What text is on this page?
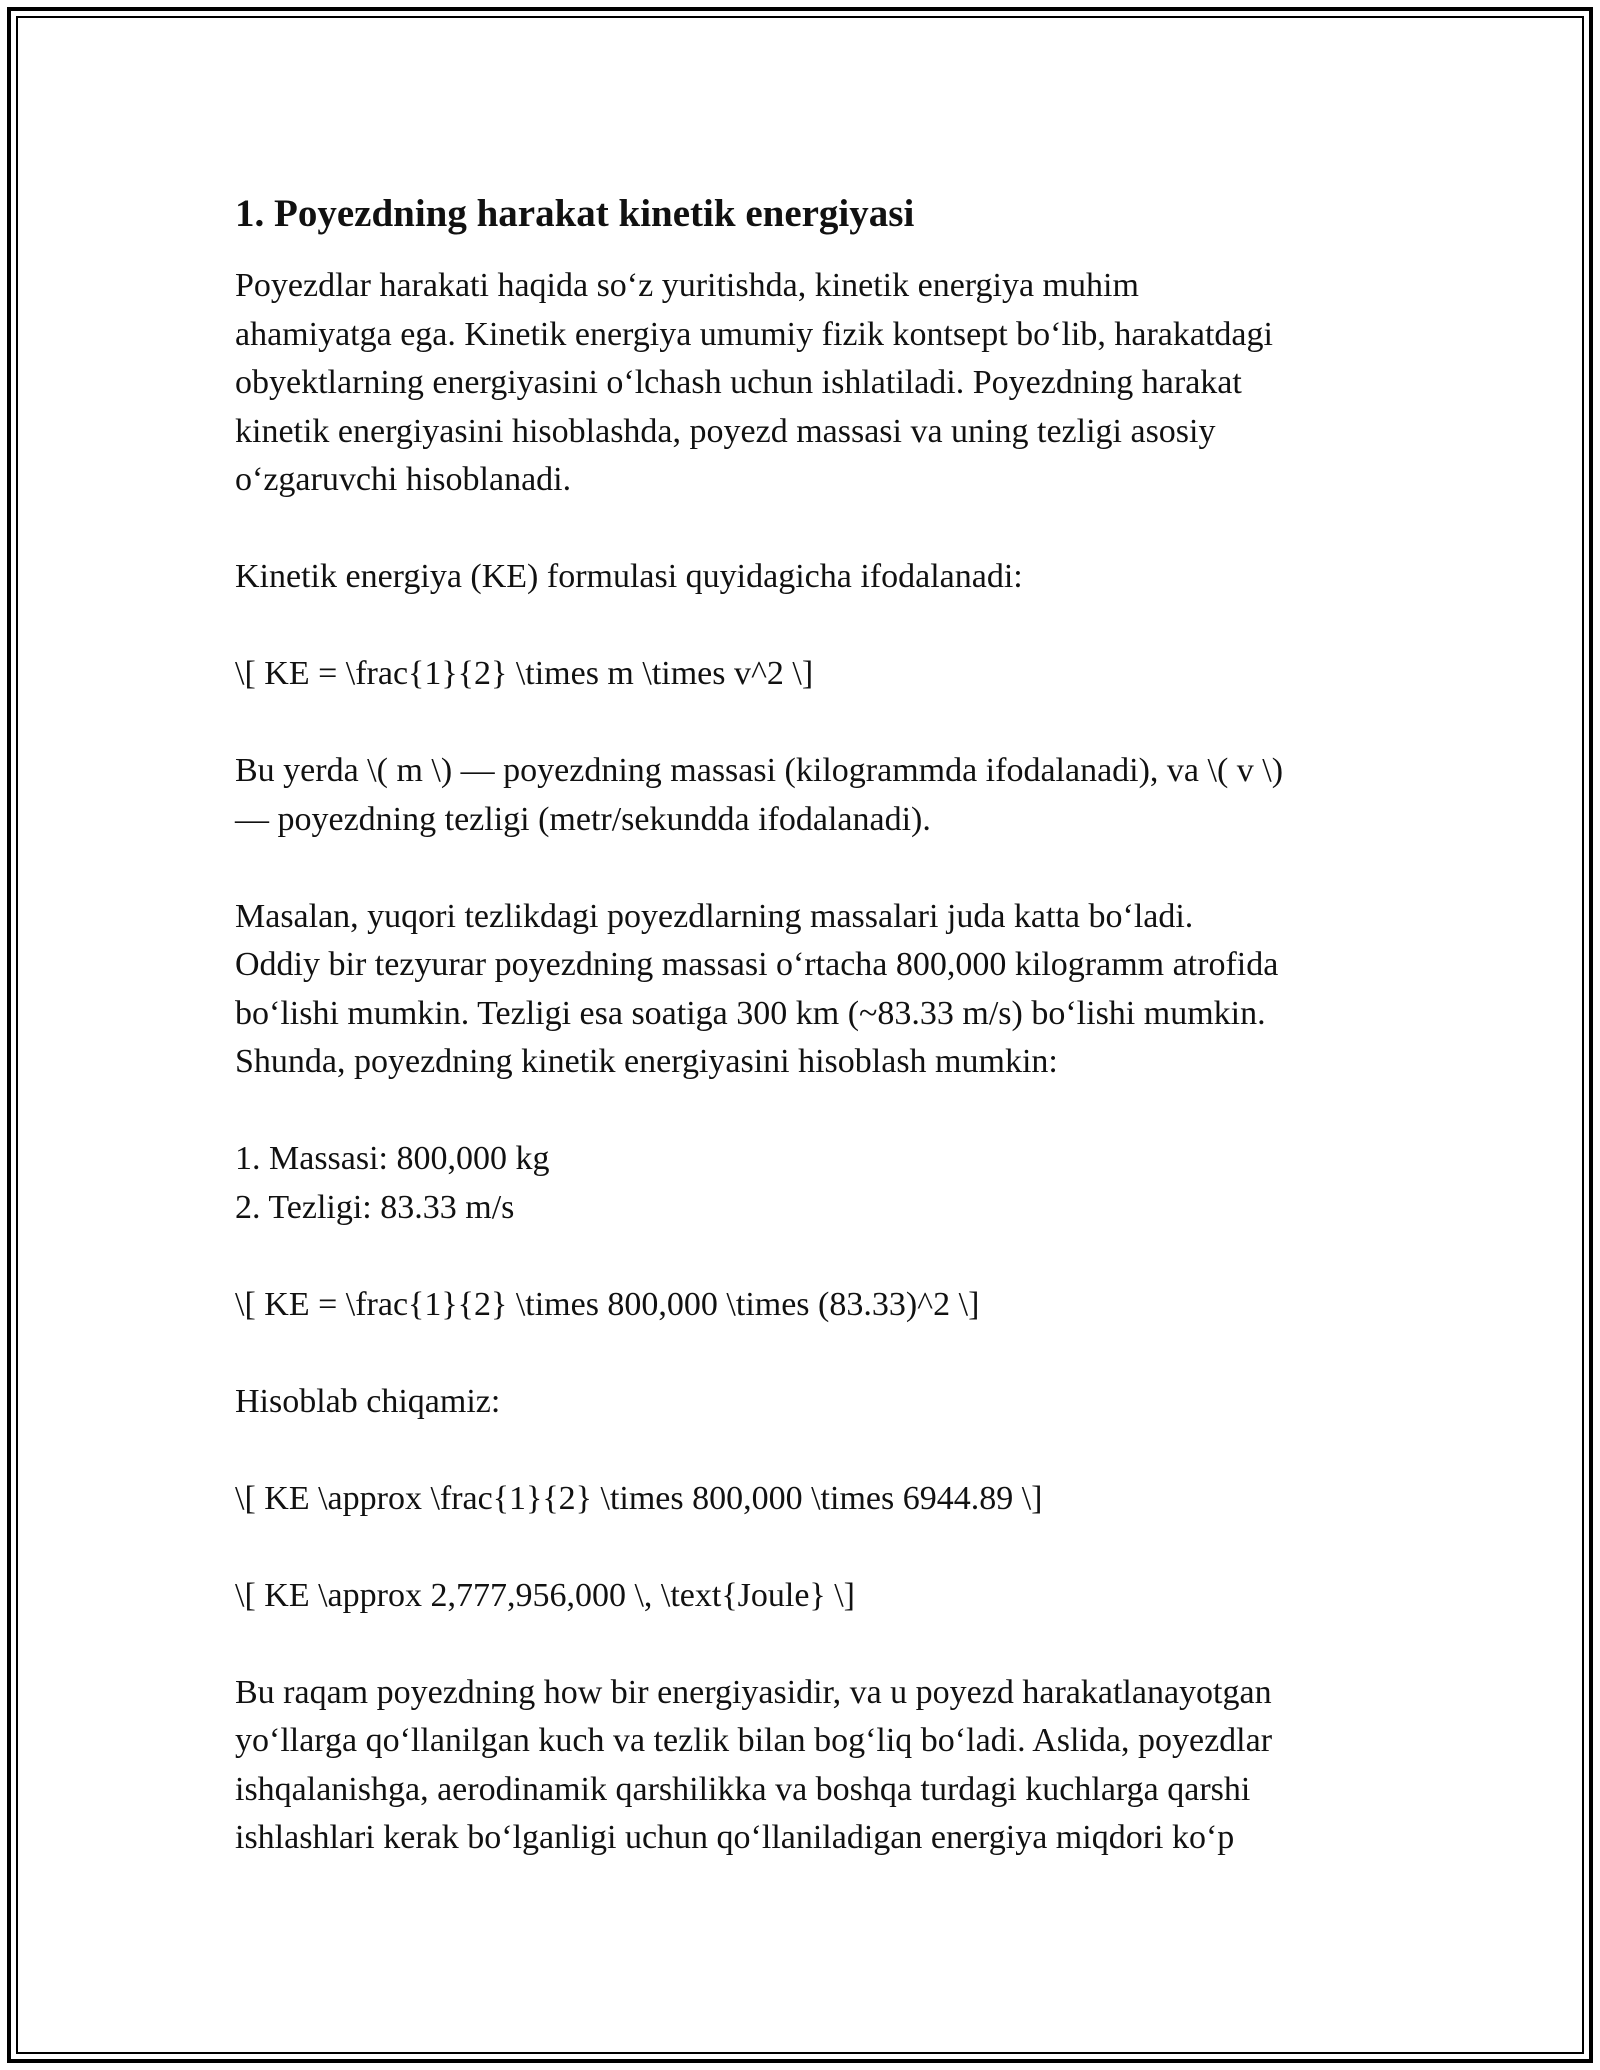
1. Poyezdning harakat kinetik energiyasi

Poyezdlar harakati haqida so‘z yuritishda, kinetik energiya muhim
ahamiyatga ega. Kinetik energiya umumiy fizik kontsept bo‘lib, harakatdagi
obyektlarning energiyasini o‘lchash uchun ishlatiladi. Poyezdning harakat
kinetik energiyasini hisoblashda, poyezd massasi va uning tezligi asosiy
o‘zgaruvchi hisoblanadi.

Kinetik energiya (KE) formulasi quyidagicha ifodalanadi:

\[ KE = \frac{1}{2} \times m \times v^2 \]

Bu yerda \( m \) — poyezdning massasi (kilogrammda ifodalanadi), va \( v \)
— poyezdning tezligi (metr/sekundda ifodalanadi).

Masalan, yuqori tezlikdagi poyezdlarning massalari juda katta bo‘ladi.
Oddiy bir tezyurar poyezdning massasi o‘rtacha 800,000 kilogramm atrofida
bo‘lishi mumkin. Tezligi esa soatiga 300 km (~83.33 m/s) bo‘lishi mumkin.
Shunda, poyezdning kinetik energiyasini hisoblash mumkin:

1. Massasi: 800,000 kg
2. Tezligi: 83.33 m/s

\[ KE = \frac{1}{2} \times 800,000 \times (83.33)^2 \]

Hisoblab chiqamiz:

\[ KE \approx \frac{1}{2} \times 800,000 \times 6944.89 \]

\[ KE \approx 2,777,956,000 \, \text{Joule} \]

Bu raqam poyezdning how bir energiyasidir, va u poyezd harakatlanayotgan
yo‘llarga qo‘llanilgan kuch va tezlik bilan bog‘liq bo‘ladi. Aslida, poyezdlar
ishqalanishga, aerodinamik qarshilikka va boshqa turdagi kuchlarga qarshi
ishlashlari kerak bo‘lganligi uchun qo‘llaniladigan energiya miqdori ko‘p
